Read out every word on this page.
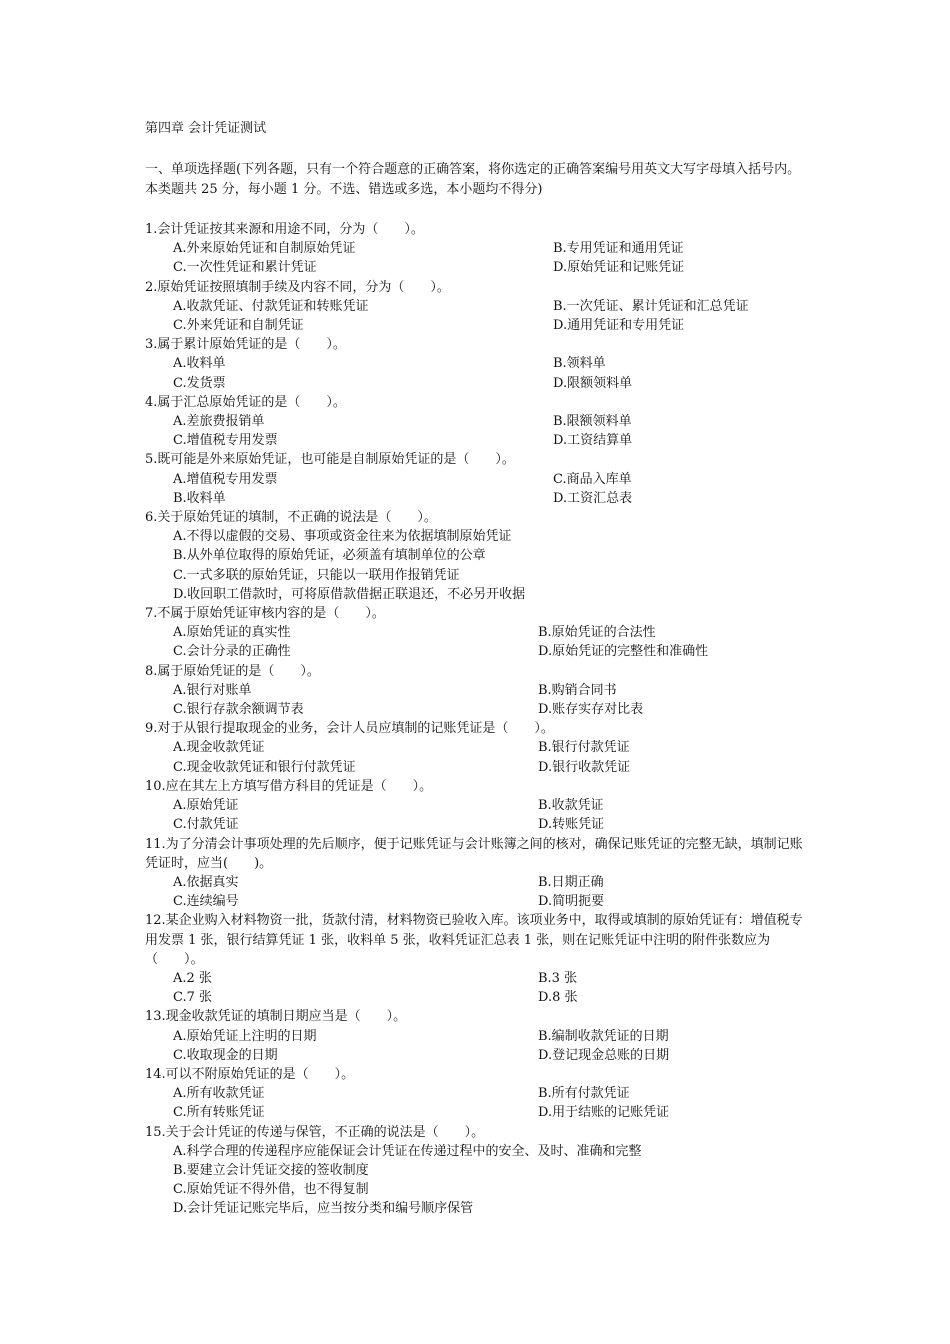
第四章 会计凭证测试
一、单项选择题(下列各题，只有一个符合题意的正确答案，将你选定的正确答案编号用英文大写字母填入括号内。本类题共 25 分，每小题 1 分。不选、错选或多选，本小题均不得分)
1.会计凭证按其来源和用途不同，分为（　　）。
A.外来原始凭证和自制原始凭证	B.专用凭证和通用凭证
C.一次性凭证和累计凭证	D.原始凭证和记账凭证
2.原始凭证按照填制手续及内容不同，分为（　　）。
A.收款凭证、付款凭证和转账凭证	B.一次凭证、累计凭证和汇总凭证
C.外来凭证和自制凭证	D.通用凭证和专用凭证
3.属于累计原始凭证的是（　　）。
A.收料单	B.领料单
C.发货票	D.限额领料单
4.属于汇总原始凭证的是（　　）。
A.差旅费报销单	B.限额领料单
C.增值税专用发票	D.工资结算单
5.既可能是外来原始凭证，也可能是自制原始凭证的是（　　）。
A.增值税专用发票	C.商品入库单
B.收料单	D.工资汇总表
6.关于原始凭证的填制，不正确的说法是（　　）。
A.不得以虚假的交易、事项或资金往来为依据填制原始凭证
B.从外单位取得的原始凭证，必须盖有填制单位的公章
C.一式多联的原始凭证，只能以一联用作报销凭证
D.收回职工借款时，可将原借款借据正联退还，不必另开收据
7.不属于原始凭证审核内容的是（　　）。
A.原始凭证的真实性	B.原始凭证的合法性
C.会计分录的正确性	D.原始凭证的完整性和准确性
8.属于原始凭证的是（　　）。
A.银行对账单	B.购销合同书
C.银行存款余额调节表	D.账存实存对比表
9.对于从银行提取现金的业务，会计人员应填制的记账凭证是（　　）。
A.现金收款凭证	B.银行付款凭证
C.现金收款凭证和银行付款凭证	D.银行收款凭证
10.应在其左上方填写借方科目的凭证是（　　）。
A.原始凭证	B.收款凭证
C.付款凭证	D.转账凭证
11.为了分清会计事项处理的先后顺序，便于记账凭证与会计账簿之间的核对，确保记账凭证的完整无缺，填制记账凭证时，应当(　　)。
A.依据真实	B.日期正确
C.连续编号	D.简明扼要
12.某企业购入材料物资一批，货款付清，材料物资已验收入库。该项业务中，取得或填制的原始凭证有：增值税专用发票 1 张，银行结算凭证 1 张，收料单 5 张，收料凭证汇总表 1 张，则在记账凭证中注明的附件张数应为（　　）。
A.2 张	B.3 张
C.7 张	D.8 张
13.现金收款凭证的填制日期应当是（　　）。
A.原始凭证上注明的日期	B.编制收款凭证的日期
C.收取现金的日期	D.登记现金总账的日期
14.可以不附原始凭证的是（　　）。
A.所有收款凭证	B.所有付款凭证
C.所有转账凭证	D.用于结账的记账凭证
15.关于会计凭证的传递与保管，不正确的说法是（　　）。
A.科学合理的传递程序应能保证会计凭证在传递过程中的安全、及时、准确和完整
B.要建立会计凭证交接的签收制度
C.原始凭证不得外借，也不得复制
D.会计凭证记账完毕后，应当按分类和编号顺序保管
